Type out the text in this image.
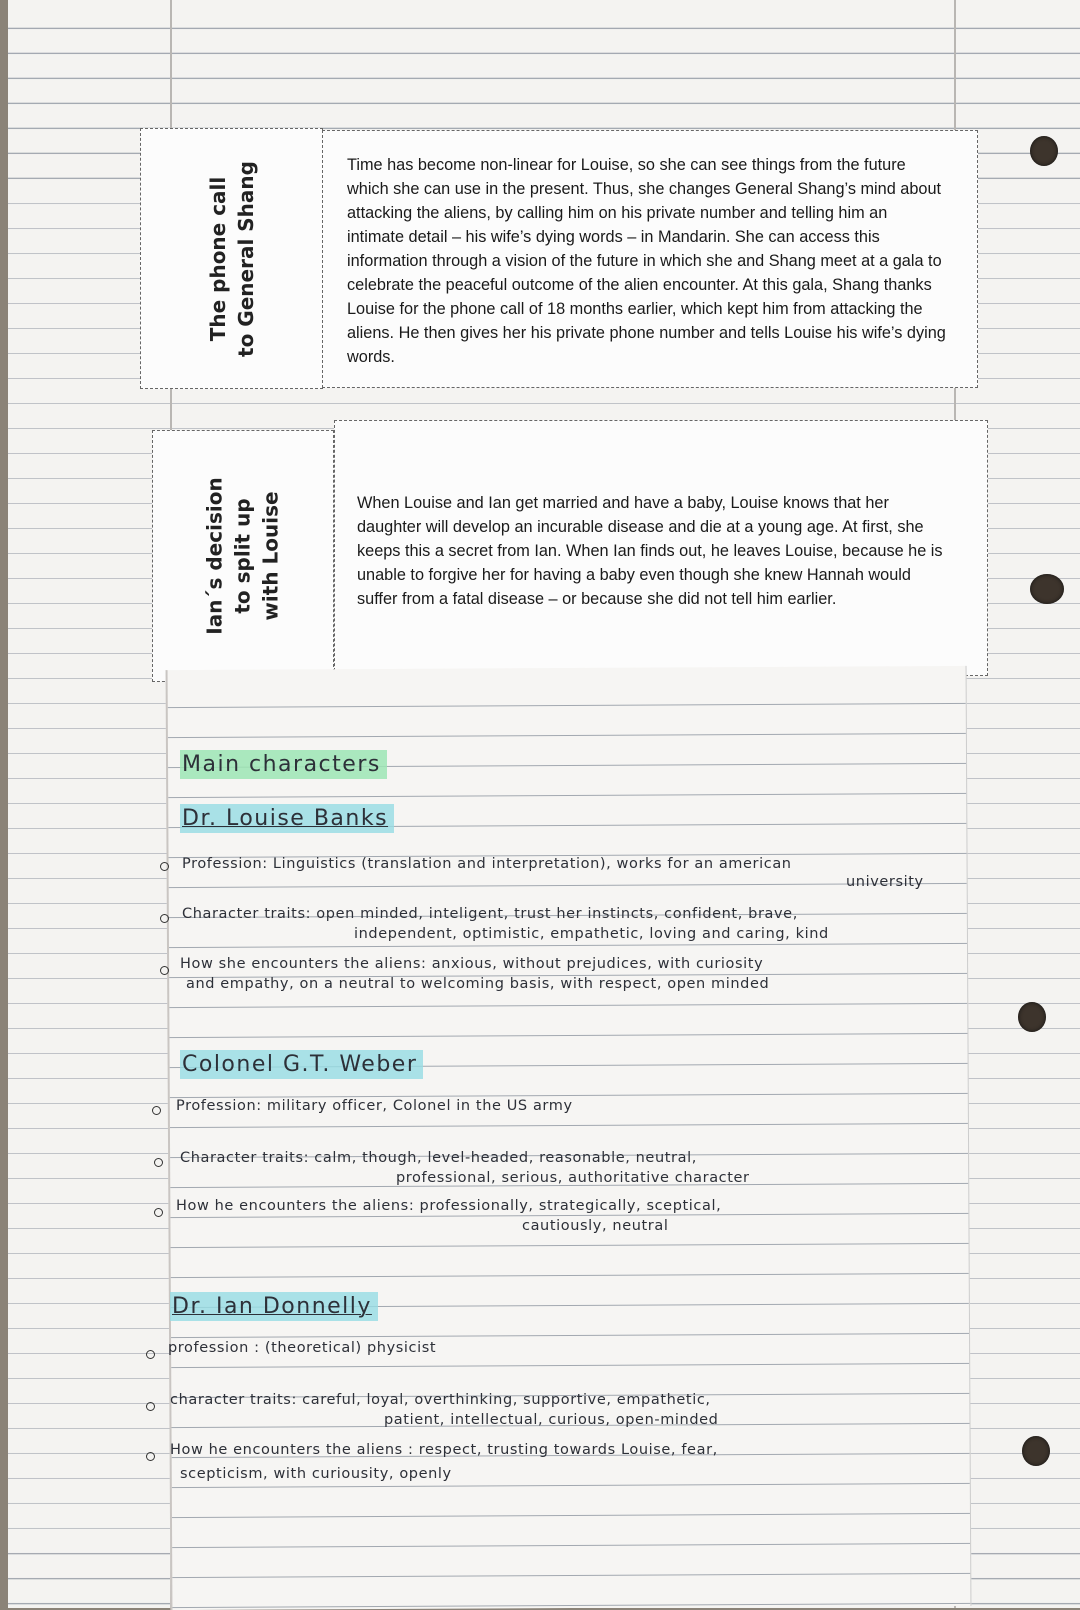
The phone call to General Shang	Time has become non-linear for Louise, so she can see things from the future which she can use in the present. Thus, she changes General Shang’s mind about attacking the aliens, by calling him on his private number and telling him an intimate detail – his wife’s dying words – in Mandarin. She can access this information through a vision of the future in which she and Shang meet at a gala to celebrate the peaceful outcome of the alien encounter. At this gala, Shang thanks Louise for the phone call of 18 months earlier, which kept him from attacking the aliens. He then gives her his private phone number and tells Louise his wife’s dying words.
Ian´s decision to split up with Louise	When Louise and Ian get married and have a baby, Louise knows that her daughter will develop an incurable disease and die at a young age. At first, she keeps this a secret from Ian. When Ian finds out, he leaves Louise, because he is unable to forgive her for having a baby even though she knew Hannah would suffer from a fatal disease – or because she did not tell him earlier.
Main characters
Dr. Louise Banks
Profession: Linguistics (translation and interpretation), works for an american
university
Character traits: open minded, inteligent, trust her instincts, confident, brave,
independent, optimistic, empathetic, loving and caring, kind
How she encounters the aliens: anxious, without prejudices, with curiosity
and empathy, on a neutral to welcoming basis, with respect, open minded
Colonel G.T. Weber
Profession: military officer, Colonel in the US army
Character traits: calm, though, level-headed, reasonable, neutral,
professional, serious, authoritative character
How he encounters the aliens: professionally, strategically, sceptical,
cautiously, neutral
Dr. Ian Donnelly
profession : (theoretical) physicist
character traits: careful, loyal, overthinking, supportive, empathetic,
patient, intellectual, curious, open-minded
How he encounters the aliens : respect, trusting towards Louise, fear,
scepticism, with curiousity, openly
